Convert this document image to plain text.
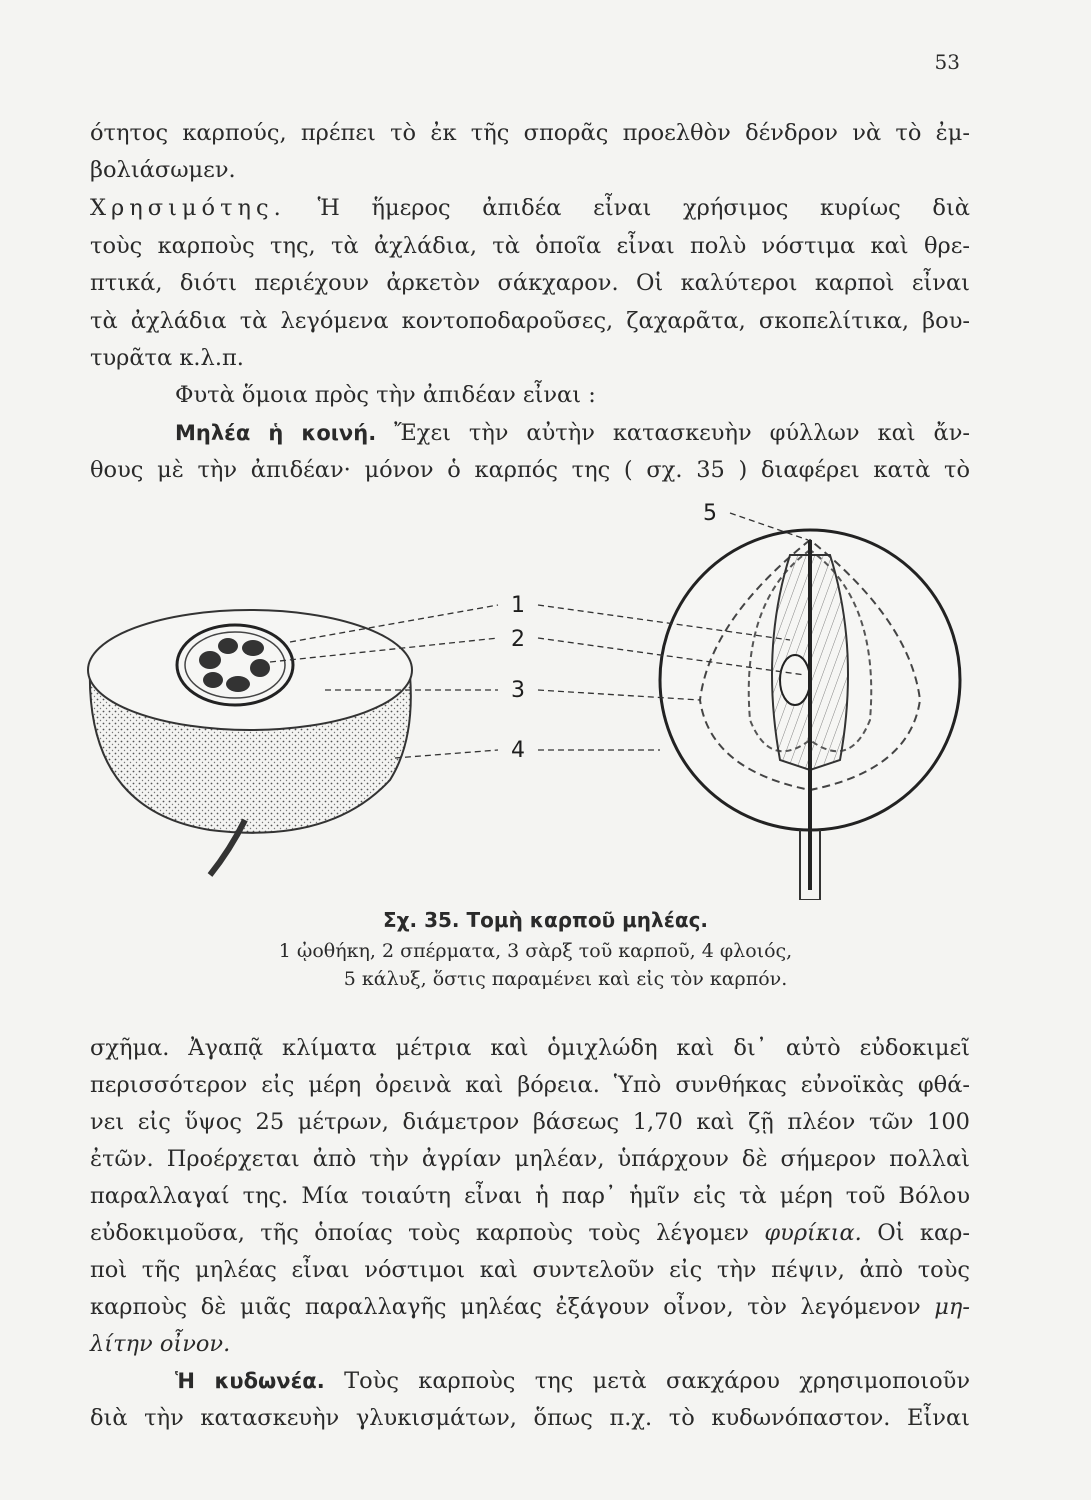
53
ότητος καρπούς, πρέπει τὸ ἐκ τῆς σπορᾶς προελθὸν δένδρον νὰ τὸ ἐμ-
βολιάσωμεν.
Χρησιμότης. Ἡ ἥμερος ἀπιδέα εἶναι χρήσιμος κυρίως διὰ
τοὺς καρποὺς της, τὰ ἀχλάδια, τὰ ὁποῖα εἶναι πολὺ νόστιμα καὶ θρε-
πτικά, διότι περιέχουν ἀρκετὸν σάκχαρον. Οἱ καλύτεροι καρποὶ εἶναι
τὰ ἀχλάδια τὰ λεγόμενα κοντοποδαροῦσες, ζαχαρᾶτα, σκοπελίτικα, βου-
τυρᾶτα κ.λ.π.
Φυτὰ ὅμοια πρὸς τὴν ἀπιδέαν εἶναι :
Μηλέα ἡ κοινή. Ἔχει τὴν αὐτὴν κατασκευὴν φύλλων καὶ ἄν-
θους μὲ τὴν ἀπιδέαν· μόνον ὁ καρπός της ( σχ. 35 ) διαφέρει κατὰ τὸ
1
2
3
4
5
Σχ. 35. Τομὴ καρποῦ μηλέας.
1 ᾠοθήκη, 2 σπέρματα, 3 σὰρξ τοῦ καρποῦ, 4 φλοιός,
5 κάλυξ, ὅστις παραμένει καὶ εἰς τὸν καρπόν.
σχῆμα. Ἀγαπᾷ κλίματα μέτρια καὶ ὁμιχλώδη καὶ δι᾽ αὐτὸ εὐδοκιμεῖ
περισσότερον εἰς μέρη ὀρεινὰ καὶ βόρεια. Ὑπὸ συνθήκας εὐνοϊκὰς φθά-
νει εἰς ὕψος 25 μέτρων, διάμετρον βάσεως 1,70 καὶ ζῇ πλέον τῶν 100
ἐτῶν. Προέρχεται ἀπὸ τὴν ἀγρίαν μηλέαν, ὑπάρχουν δὲ σήμερον πολλαὶ
παραλλαγαί της. Μία τοιαύτη εἶναι ἡ παρ᾽ ἡμῖν εἰς τὰ μέρη τοῦ Βόλου
εὐδοκιμοῦσα, τῆς ὁποίας τοὺς καρποὺς τοὺς λέγομεν φυρίκια. Οἱ καρ-
ποὶ τῆς μηλέας εἶναι νόστιμοι καὶ συντελοῦν εἰς τὴν πέψιν, ἀπὸ τοὺς
καρποὺς δὲ μιᾶς παραλλαγῆς μηλέας ἐξάγουν οἶνον, τὸν λεγόμενον μη-
λίτην οἶνον.
Ἡ κυδωνέα. Τοὺς καρποὺς της μετὰ σακχάρου χρησιμοποιοῦν
διὰ τὴν κατασκευὴν γλυκισμάτων, ὅπως π.χ. τὸ κυδωνόπαστον. Εἶναι
